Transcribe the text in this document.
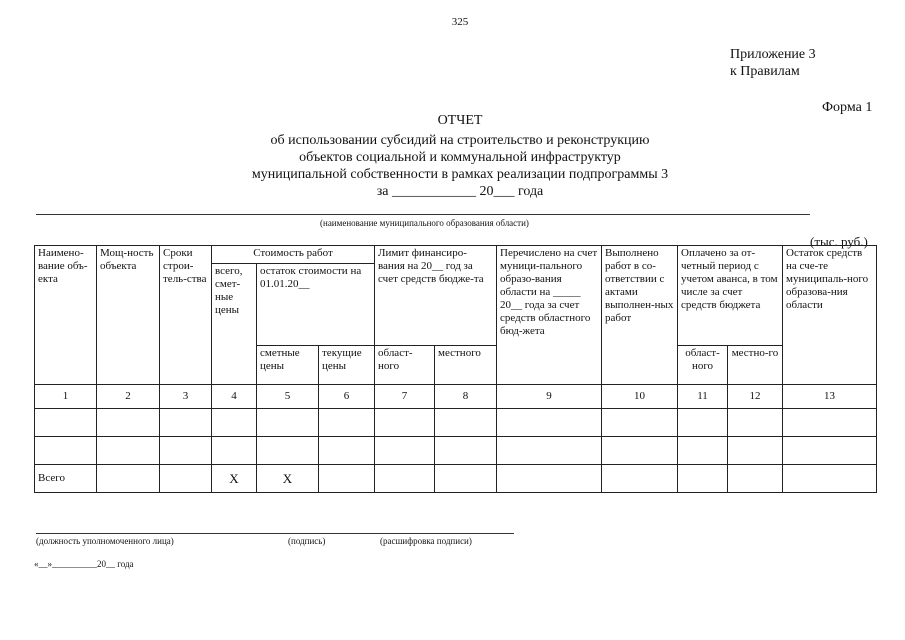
325
Приложение 3
к Правилам
Форма 1
ОТЧЕТ
об использовании субсидий на строительство и реконструкцию
объектов социальной и коммунальной инфраструктур
муниципальной собственности в рамках реализации подпрограммы 3
за ____________ 20___ года
(наименование муниципального образования области)
(тыс. руб.)
Наимено-вание объ-екта	Мощ-ность объекта	Сроки строи-тель-ства	Стоимость работ			Лимит финансиро-вания на 20__ год за счет средств бюдже-та		Перечислено на счет муници-пального образо-вания области на _____ 20__ года за счет средств областного бюд-жета	Выполнено работ в со-ответствии с актами выполнен-ных работ	Оплачено за от-четный период с учетом аванса, в том числе за счет средств бюджета		Остаток средств на сче-те муниципаль-ного образова-ния области
			всего, смет-ные цены	остаток стоимости на 01.01.20__								
				сметные цены	текущие цены	област-ного	местного			област-ного	местно-го	
1	2	3	4	5	6	7	8	9	10	11	12	13

Всего			Х	Х								
(должность уполномоченного лица)	(подпись)	(расшифровка подписи)
«__»__________20__ года
